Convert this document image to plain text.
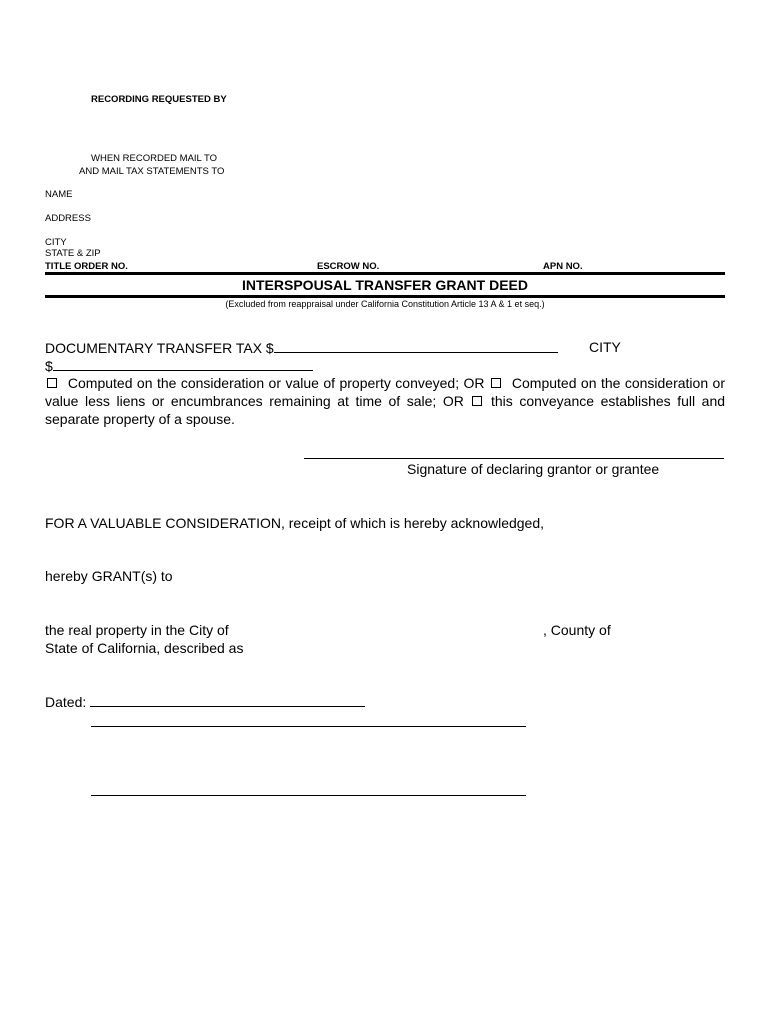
RECORDING REQUESTED BY
WHEN RECORDED MAIL TO
AND MAIL TAX STATEMENTS TO
NAME
ADDRESS
CITY
STATE & ZIP
TITLE ORDER NO.	ESCROW NO.	APN NO.
INTERSPOUSAL TRANSFER GRANT DEED
(Excluded from reappraisal under California Constitution Article 13 A & 1 et seq.)
DOCUMENTARY TRANSFER TAX $	CITY
$
Computed on the consideration or value of property conveyed; OR Computed on the consideration or value less liens or encumbrances remaining at time of sale; OR this conveyance establishes full and separate property of a spouse.
Signature of declaring grantor or grantee
FOR A VALUABLE CONSIDERATION, receipt of which is hereby acknowledged,
hereby GRANT(s) to
the real property in the City of	, County of
State of California, described as
Dated:
